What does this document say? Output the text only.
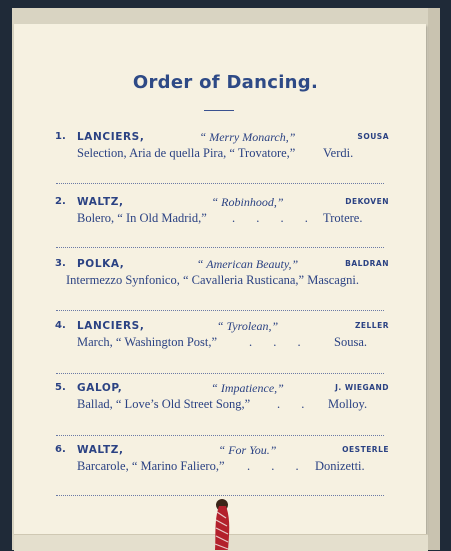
Order of Dancing.
1. LANCIERS,	“ Merry Monarch,”	SOUSA
Selection, Aria de quella Pira, “ Trovatore,” Verdi.
2. WALTZ,	“ Robinhood,”	DEKOVEN
Bolero, “ In Old Madrid,” . . . . Trotere.
3. POLKA,	“ American Beauty,”	BALDRAN
Intermezzo Synfonico, “ Cavalleria Rusticana,” Mascagni.
4. LANCIERS,	“ Tyrolean,”	ZELLER
March, “ Washington Post,”	. . . Sousa.
5. GALOP,	“ Impatience,”	J. WIEGAND
Ballad, “ Love’s Old Street Song,” . . Molloy.
6. WALTZ,	“ For You.”	OESTERLE
Barcarole, “ Marino Faliero,” . . . Donizetti.
